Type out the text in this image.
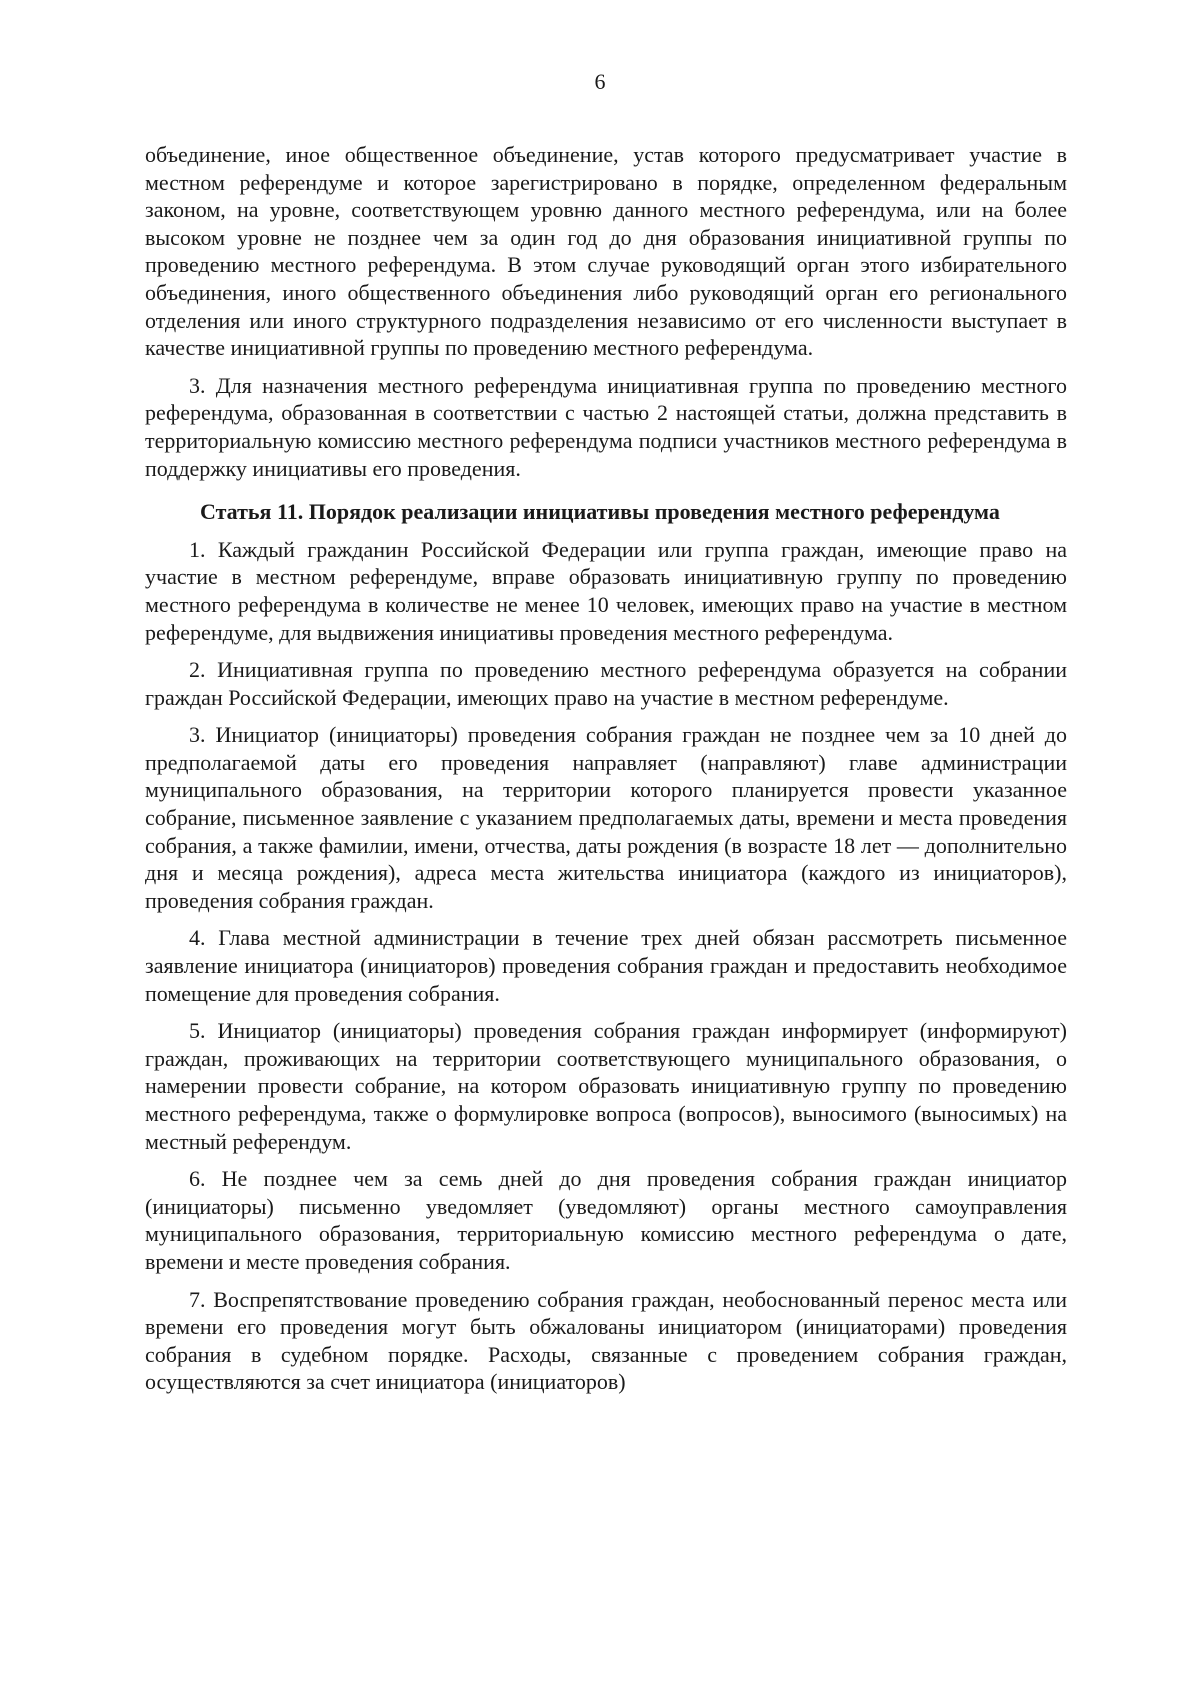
6

объединение, иное общественное объединение, устав которого предусматривает участие в местном референдуме и которое зарегистрировано в порядке, определенном федеральным законом, на уровне, соответствующем уровню данного местного референдума, или на более высоком уровне не позднее чем за один год до дня образования инициативной группы по проведению местного референдума. В этом случае руководящий орган этого избирательного объединения, иного общественного объединения либо руководящий орган его регионального отделения или иного структурного подразделения независимо от его численности выступает в качестве инициативной группы по проведению местного референдума.

3. Для назначения местного референдума инициативная группа по проведению местного референдума, образованная в соответствии с частью 2 настоящей статьи, должна представить в территориальную комиссию местного референдума подписи участников местного референдума в поддержку инициативы его проведения.

Статья 11. Порядок реализации инициативы проведения местного референдума

1. Каждый гражданин Российской Федерации или группа граждан, имеющие право на участие в местном референдуме, вправе образовать инициативную группу по проведению местного референдума в количестве не менее 10 человек, имеющих право на участие в местном референдуме, для выдвижения инициативы проведения местного референдума.

2. Инициативная группа по проведению местного референдума образуется на собрании граждан Российской Федерации, имеющих право на участие в местном референдуме.

3. Инициатор (инициаторы) проведения собрания граждан не позднее чем за 10 дней до предполагаемой даты его проведения направляет (направляют) главе администрации муниципального образования, на территории которого планируется провести указанное собрание, письменное заявление с указанием предполагаемых даты, времени и места проведения собрания, а также фамилии, имени, отчества, даты рождения (в возрасте 18 лет — дополнительно дня и месяца рождения), адреса места жительства инициатора (каждого из инициаторов), проведения собрания граждан.

4. Глава местной администрации в течение трех дней обязан рассмотреть письменное заявление инициатора (инициаторов) проведения собрания граждан и предоставить необходимое помещение для проведения собрания.

5. Инициатор (инициаторы) проведения собрания граждан информирует (информируют) граждан, проживающих на территории соответствующего муниципального образования, о намерении провести собрание, на котором образовать инициативную группу по проведению местного референдума, также о формулировке вопроса (вопросов), выносимого (выносимых) на местный референдум.

6. Не позднее чем за семь дней до дня проведения собрания граждан инициатор (инициаторы) письменно уведомляет (уведомляют) органы местного самоуправления муниципального образования, территориальную комиссию местного референдума о дате, времени и месте проведения собрания.

7. Воспрепятствование проведению собрания граждан, необоснованный перенос места или времени его проведения могут быть обжалованы инициатором (инициаторами) проведения собрания в судебном порядке. Расходы, связанные с проведением собрания граждан, осуществляются за счет инициатора (инициаторов)
